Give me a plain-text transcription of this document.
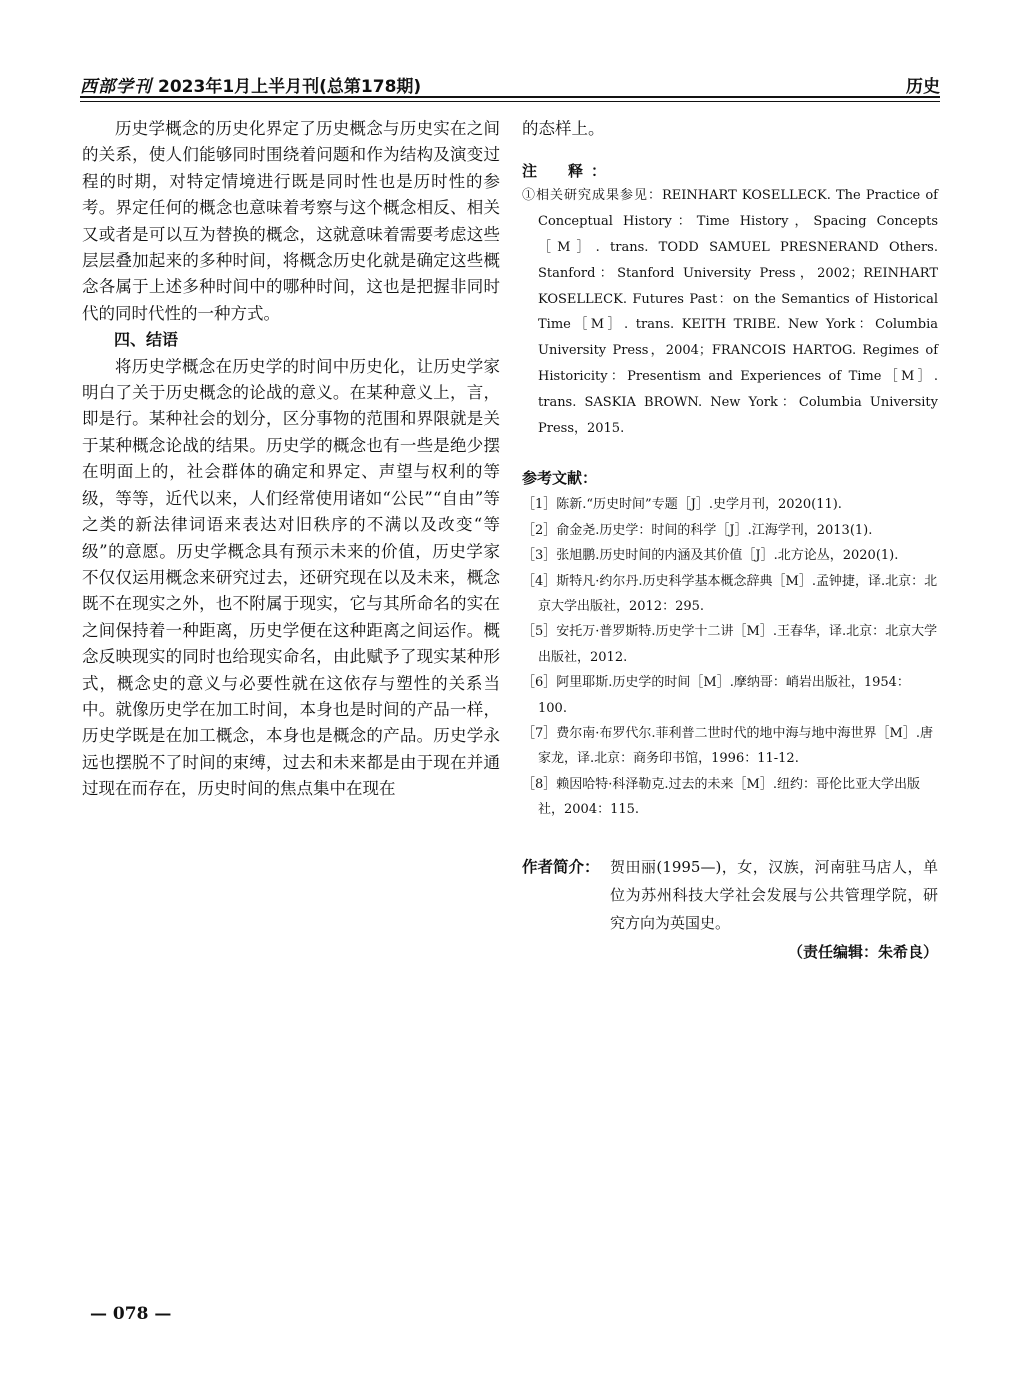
西部学刊 2023年1月上半月刊(总第178期)	历史

历史学概念的历史化界定了历史概念与历史实在之间的关系，使人们能够同时围绕着问题和作为结构及演变过程的时期，对特定情境进行既是同时性也是历时性的参考。界定任何的概念也意味着考察与这个概念相反、相关又或者是可以互为替换的概念，这就意味着需要考虑这些层层叠加起来的多种时间，将概念历史化就是确定这些概念各属于上述多种时间中的哪种时间，这也是把握非同时代的同时代性的一种方式。

四、结语

将历史学概念在历史学的时间中历史化，让历史学家明白了关于历史概念的论战的意义。在某种意义上，言，即是行。某种社会的划分，区分事物的范围和界限就是关于某种概念论战的结果。历史学的概念也有一些是绝少摆在明面上的，社会群体的确定和界定、声望与权利的等级，等等，近代以来，人们经常使用诸如“公民”“自由”等之类的新法律词语来表达对旧秩序的不满以及改变“等级”的意愿。历史学概念具有预示未来的价值，历史学家不仅仅运用概念来研究过去，还研究现在以及未来，概念既不在现实之外，也不附属于现实，它与其所命名的实在之间保持着一种距离，历史学便在这种距离之间运作。概念反映现实的同时也给现实命名，由此赋予了现实某种形式，概念史的意义与必要性就在这依存与塑性的关系当中。就像历史学在加工时间，本身也是时间的产品一样，历史学既是在加工概念，本身也是概念的产品。历史学永远也摆脱不了时间的束缚，过去和未来都是由于现在并通过现在而存在，历史时间的焦点集中在现在

的态样上。

注　释：

①相关研究成果参见：REINHART KOSELLECK. The Practice of Conceptual History：Time History，Spacing Concepts［M］. trans. TODD SAMUEL PRESNERAND Others. Stanford：Stanford University Press，2002；REINHART KOSELLECK. Futures Past：on the Semantics of Historical Time［M］. trans. KEITH TRIBE. New York：Columbia University Press，2004；FRANCOIS HARTOG. Regimes of Historicity：Presentism and Experiences of Time［M］. trans. SASKIA BROWN. New York：Columbia University Press，2015.

参考文献：

［1］陈新.“历史时间”专题［J］.史学月刊，2020(11).

［2］俞金尧.历史学：时间的科学［J］.江海学刊，2013(1).

［3］张旭鹏.历史时间的内涵及其价值［J］.北方论丛，2020(1).

［4］斯特凡·约尔丹.历史科学基本概念辞典［M］.孟钟捷，译.北京：北京大学出版社，2012：295.

［5］安托万·普罗斯特.历史学十二讲［M］.王春华，译.北京：北京大学出版社，2012.

［6］阿里耶斯.历史学的时间［M］.摩纳哥：峭岩出版社，1954：100.

［7］费尔南·布罗代尔.菲利普二世时代的地中海与地中海世界［M］.唐家龙，译.北京：商务印书馆，1996：11-12.

［8］赖因哈特·科泽勒克.过去的未来［M］.纽约：哥伦比亚大学出版社，2004：115.

作者简介： 贺田丽(1995—)，女，汉族，河南驻马店人，单位为苏州科技大学社会发展与公共管理学院，研究方向为英国史。

（责任编辑：朱希良）
— 078 —
